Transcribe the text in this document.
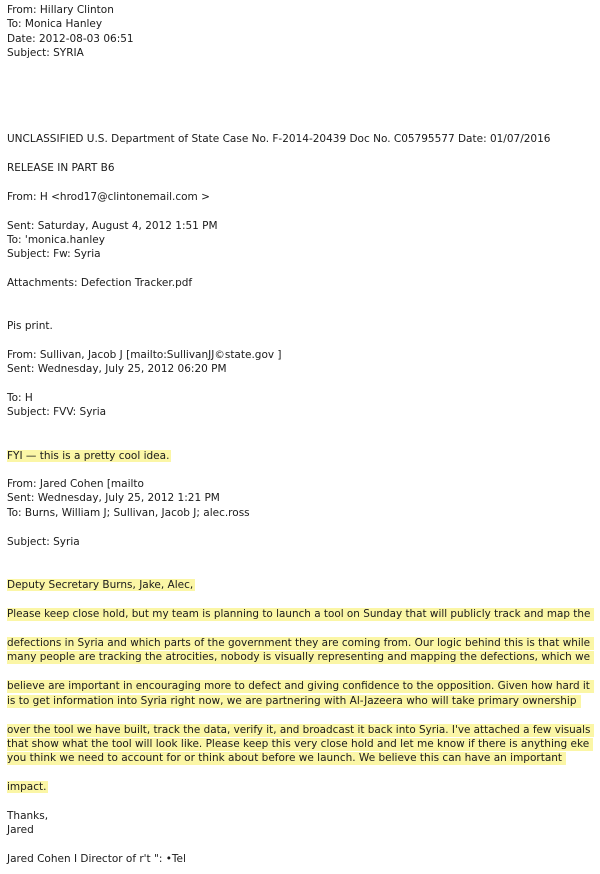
From: Hillary Clinton
To: Monica Hanley
Date: 2012-08-03 06:51
Subject: SYRIA
UNCLASSIFIED U.S. Department of State Case No. F-2014-20439 Doc No. C05795577 Date: 01/07/2016
RELEASE IN PART B6
From: H <hrod17@clintonemail.com >
Sent: Saturday, August 4, 2012 1:51 PM
To: 'monica.hanley
Subject: Fw: Syria
Attachments: Defection Tracker.pdf
Pis print.
From: Sullivan, Jacob J [mailto:SullivanJJ©state.gov ]
Sent: Wednesday, July 25, 2012 06:20 PM
To: H
Subject: FVV: Syria
FYI — this is a pretty cool idea.
From: Jared Cohen [mailto
Sent: Wednesday, July 25, 2012 1:21 PM
To: Burns, William J; Sullivan, Jacob J; alec.ross
Subject: Syria
Deputy Secretary Burns, Jake, Alec,
Please keep close hold, but my team is planning to launch a tool on Sunday that will publicly track and map the
defections in Syria and which parts of the government they are coming from. Our logic behind this is that while
many people are tracking the atrocities, nobody is visually representing and mapping the defections, which we
believe are important in encouraging more to defect and giving confidence to the opposition. Given how hard it
is to get information into Syria right now, we are partnering with Al-Jazeera who will take primary ownership
over the tool we have built, track the data, verify it, and broadcast it back into Syria. I've attached a few visuals
that show what the tool will look like. Please keep this very close hold and let me know if there is anything eke
you think we need to account for or think about before we launch. We believe this can have an important
impact.
Thanks,
Jared
Jared Cohen I Director of r't ": •Tel
